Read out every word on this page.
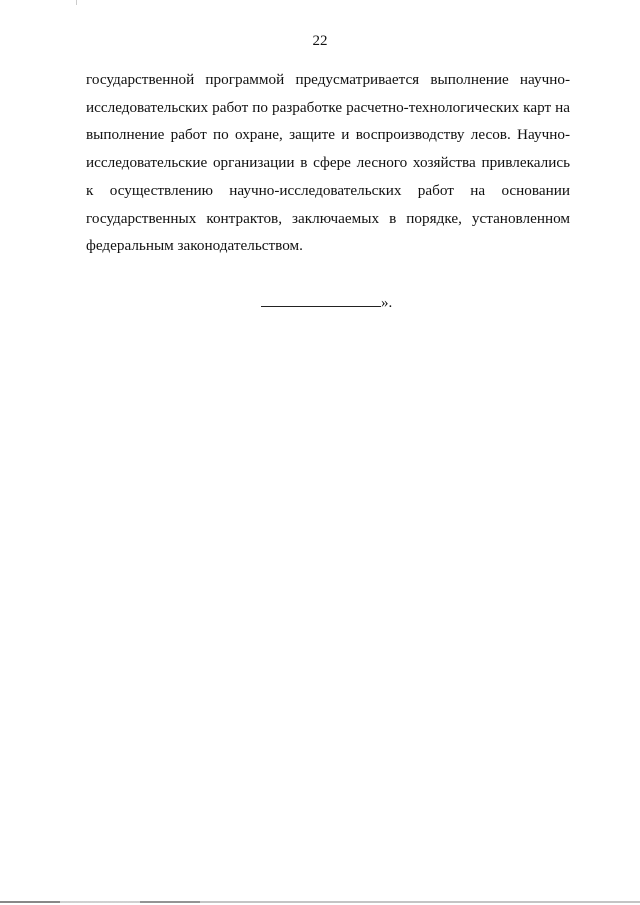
22

государственной программой предусматривается выполнение научно-
исследовательских работ по разработке расчетно-технологических карт на
выполнение работ по охране, защите и воспроизводству лесов. Научно-
исследовательские организации в сфере лесного хозяйства привлекались
к осуществлению научно-исследовательских работ на основании
государственных контрактов, заключаемых в порядке, установленном
федеральным законодательством.

».
